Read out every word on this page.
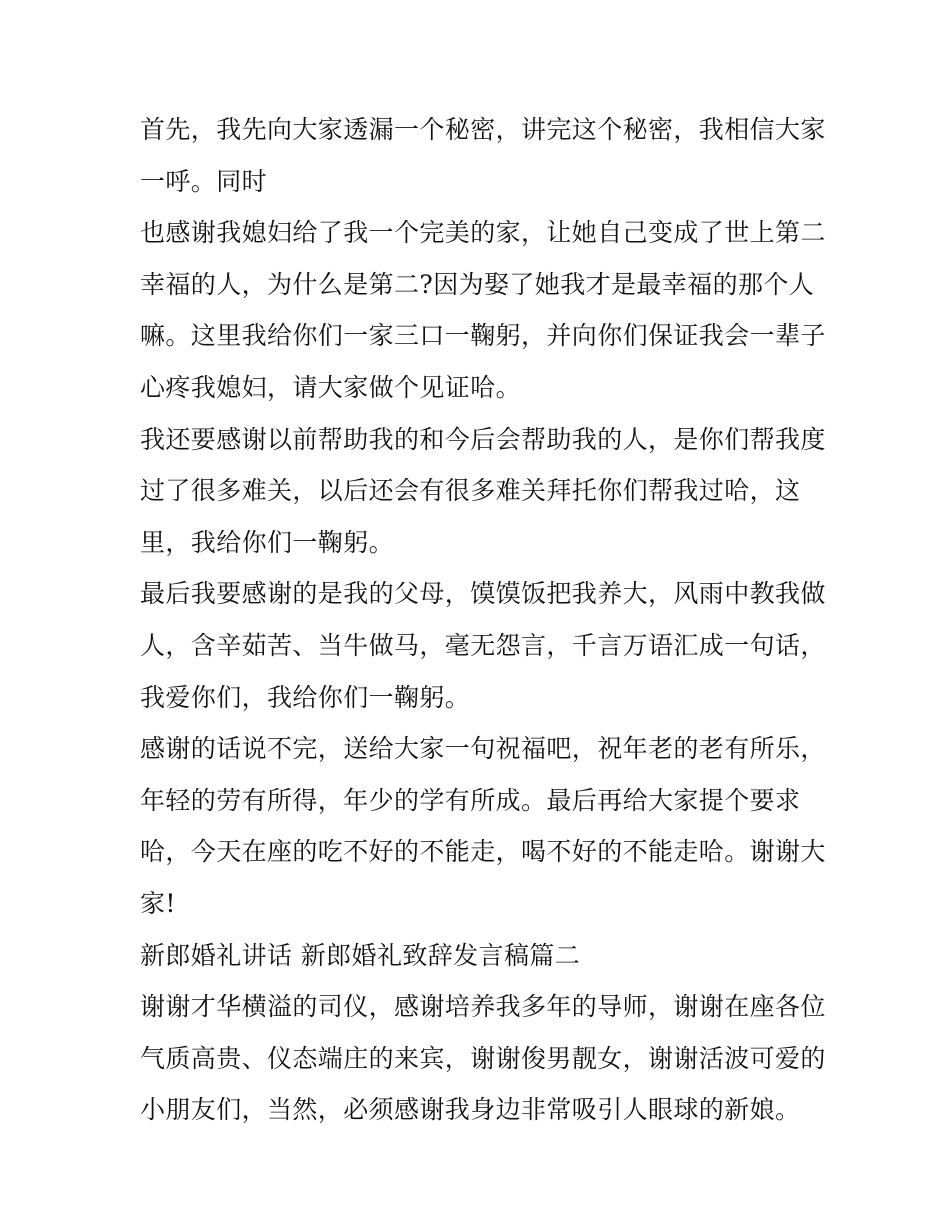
首先，我先向大家透漏一个秘密，讲完这个秘密，我相信大家
一呼。同时
也感谢我媳妇给了我一个完美的家，让她自己变成了世上第二
幸福的人，为什么是第二?因为娶了她我才是最幸福的那个人
嘛。这里我给你们一家三口一鞠躬，并向你们保证我会一辈子
心疼我媳妇，请大家做个见证哈。
我还要感谢以前帮助我的和今后会帮助我的人，是你们帮我度
过了很多难关，以后还会有很多难关拜托你们帮我过哈，这
里，我给你们一鞠躬。
最后我要感谢的是我的父母，馍馍饭把我养大，风雨中教我做
人，含辛茹苦、当牛做马，毫无怨言，千言万语汇成一句话，
我爱你们，我给你们一鞠躬。
感谢的话说不完，送给大家一句祝福吧，祝年老的老有所乐，
年轻的劳有所得，年少的学有所成。最后再给大家提个要求
哈，今天在座的吃不好的不能走，喝不好的不能走哈。谢谢大
家!
新郎婚礼讲话 新郎婚礼致辞发言稿篇二
谢谢才华横溢的司仪，感谢培养我多年的导师，谢谢在座各位
气质高贵、仪态端庄的来宾，谢谢俊男靓女，谢谢活波可爱的
小朋友们，当然，必须感谢我身边非常吸引人眼球的新娘。
